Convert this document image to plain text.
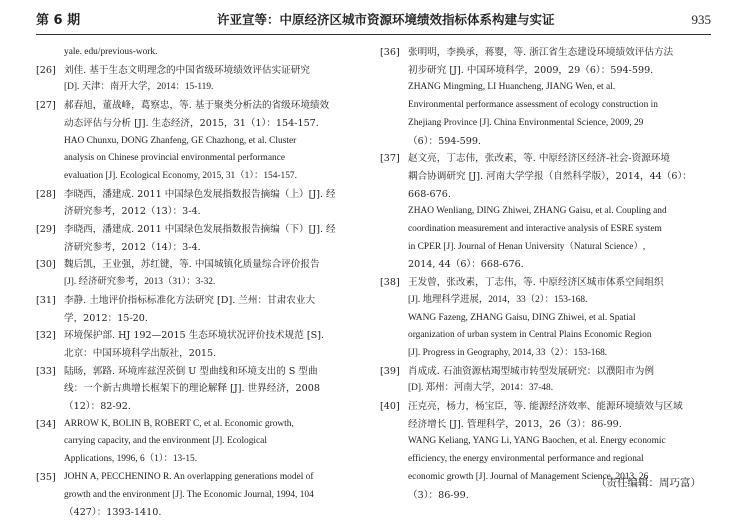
第 6 期	许亚宣等：中原经济区城市资源环境绩效指标体系构建与实证	935
yale. edu/previous-work.
[26] 刘佳. 基于生态文明理念的中国省级环境绩效评估实证研究
[D]. 天津：南开大学，2014：15-119.
[27] 郝春旭，董战峰，葛察忠，等. 基于聚类分析法的省级环境绩效
动态评估与分析 [J]. 生态经济，2015，31（1）：154-157.
HAO Chunxu, DONG Zhanfeng, GE Chazhong, et al. Cluster
analysis on Chinese provincial environmental performance
evaluation [J]. Ecological Economy, 2015, 31（1）：154-157.
[28] 李晓西，潘建成. 2011 中国绿色发展指数报告摘编（上）[J]. 经
济研究参考，2012（13）：3-4.
[29] 李晓西，潘建成. 2011 中国绿色发展指数报告摘编（下）[J]. 经
济研究参考，2012（14）：3-4.
[30] 魏后凯，王业强，苏红键，等. 中国城镇化质量综合评价报告
[J]. 经济研究参考，2013（31）：3-32.
[31] 李静. 土地评价指标标准化方法研究 [D]. 兰州：甘肃农业大
学，2012：15-20.
[32] 环境保护部. HJ 192—2015 生态环境状况评价技术规范 [S].
北京：中国环境科学出版社，2015.
[33] 陆旸，郭路. 环境库兹涅茨倒 U 型曲线和环境支出的 S 型曲
线：一个新古典增长框架下的理论解释 [J]. 世界经济，2008
（12）：82-92.
[34] ARROW K, BOLIN B, ROBERT C, et al. Economic growth,
carrying capacity, and the environment [J]. Ecological
Applications, 1996, 6（1）：13-15.
[35] JOHN A, PECCHENINO R. An overlapping generations model of
growth and the environment [J]. The Economic Journal, 1994, 104
（427）：1393-1410.
[36] 张明明，李换承，蒋婴，等. 浙江省生态建设环境绩效评估方法
初步研究 [J]. 中国环境科学，2009，29（6）：594-599.
ZHANG Mingming, LI Huancheng, JIANG Wen, et al.
Environmental performance assessment of ecology construction in
Zhejiang Province [J]. China Environmental Science, 2009, 29
（6）：594-599.
[37] 赵文亮，丁志伟，张改素，等. 中原经济区经济-社会-资源环境
耦合协调研究 [J]. 河南大学学报（自然科学版），2014，44（6）：
668-676.
ZHAO Wenliang, DING Zhiwei, ZHANG Gaisu, et al. Coupling and
coordination measurement and interactive analysis of ESRE system
in CPER [J]. Journal of Henan University（Natural Science）,
2014, 44（6）：668-676.
[38] 王发曾，张改素，丁志伟，等. 中原经济区城市体系空间组织
[J]. 地理科学进展，2014，33（2）：153-168.
WANG Fazeng, ZHANG Gaisu, DING Zhiwei, et al. Spatial
organization of urban system in Central Plains Economic Region
[J]. Progress in Geography, 2014, 33（2）：153-168.
[39] 肖成成. 石油资源枯竭型城市转型发展研究：以濮阳市为例
[D]. 郑州：河南大学，2014：37-48.
[40] 汪克亮，杨力，杨宝臣，等. 能源经济效率、能源环境绩效与区域
经济增长 [J]. 管理科学，2013，26（3）：86-99.
WANG Keliang, YANG Li, YANG Baochen, et al. Energy economic
efficiency, the energy environmental performance and regional
economic growth [J]. Journal of Management Science, 2013, 26
（3）：86-99.
（责任编辑：周巧富）
